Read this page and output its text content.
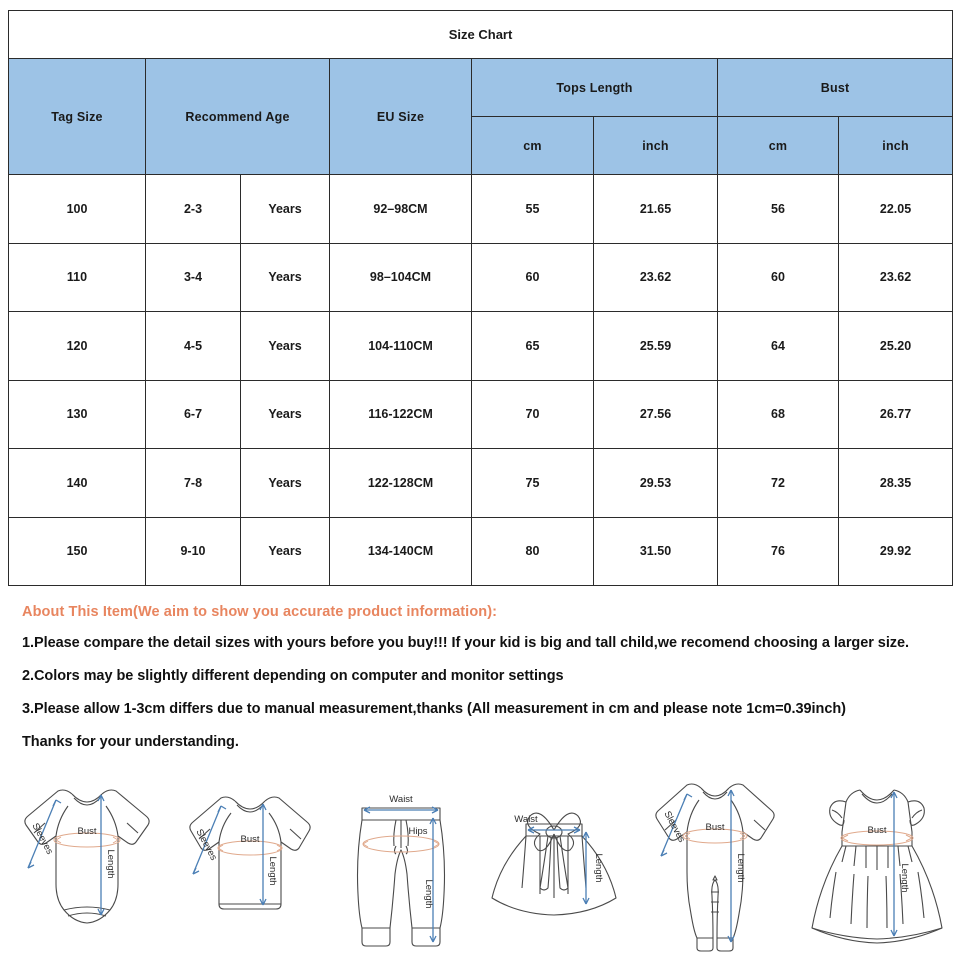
Size Chart							
Tag Size	Recommend Age		EU Size	Tops Length		Bust	
				cm	inch	cm	inch
100	2-3	Years	92–98CM	55	21.65	56	22.05
110	3-4	Years	98–104CM	60	23.62	60	23.62
120	4-5	Years	104-110CM	65	25.59	64	25.20
130	6-7	Years	116-122CM	70	27.56	68	26.77
140	7-8	Years	122-128CM	75	29.53	72	28.35
150	9-10	Years	134-140CM	80	31.50	76	29.92
About This Item(We aim to show you accurate product information):
1.Please compare the detail sizes with yours before you buy!!! If your kid is big and tall child,we recomend choosing a larger size.
2.Colors may be slightly different depending on computer and monitor settings
3.Please allow 1-3cm differs due to manual measurement,thanks (All measurement in cm and please note 1cm=0.39inch)
Thanks for your understanding.
Bust
Length
Sleeves	Bust
Length
Sleeves
Waist
Hips
Length
Waist
Length
Bust
Length
Sleeves	Bust
Length
